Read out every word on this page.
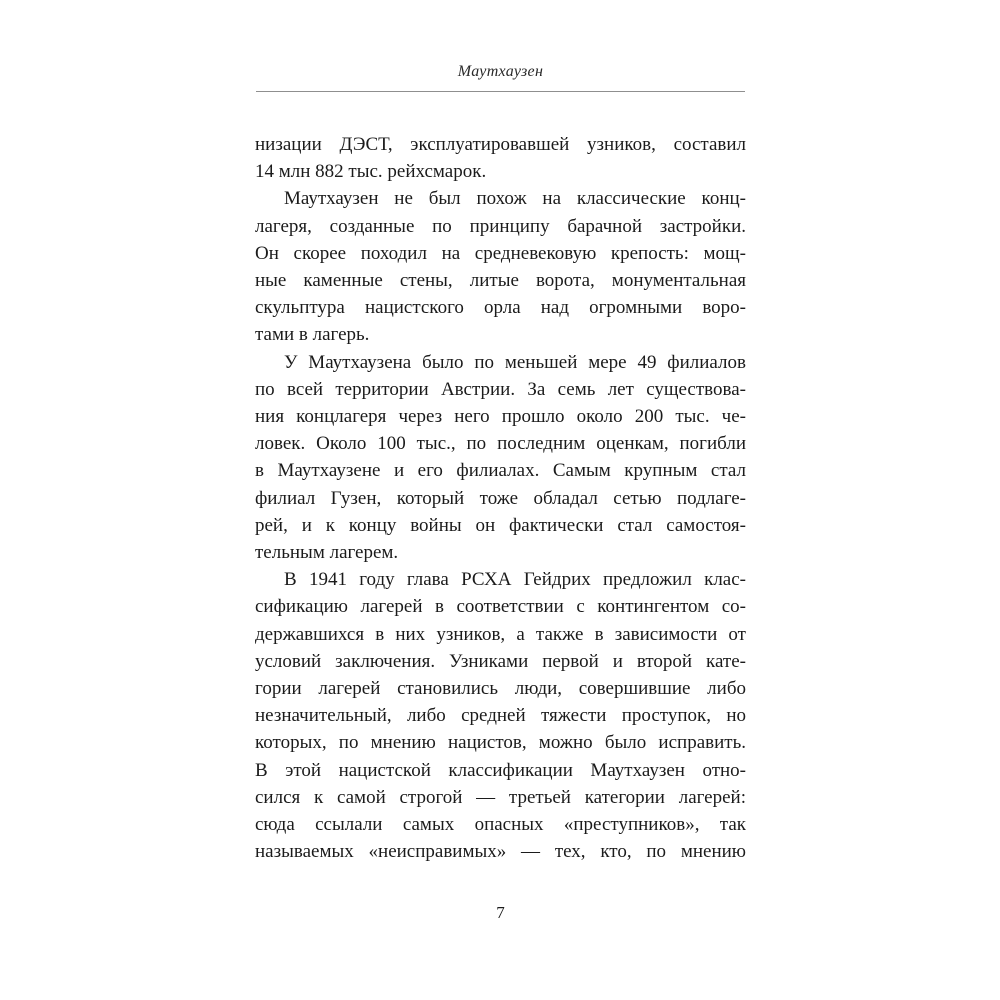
Маутхаузен
низации ДЭСТ, эксплуатировавшей узников, составил
14 млн 882 тыс. рейхсмарок.
Маутхаузен не был похож на классические конц-
лагеря, созданные по принципу барачной застройки.
Он скорее походил на средневековую крепость: мощ-
ные каменные стены, литые ворота, монументальная
скульптура нацистского орла над огромными воро-
тами в лагерь.
У Маутхаузена было по меньшей мере 49 филиалов
по всей территории Австрии. За семь лет существова-
ния концлагеря через него прошло около 200 тыс. че-
ловек. Около 100 тыс., по последним оценкам, погибли
в Маутхаузене и его филиалах. Самым крупным стал
филиал Гузен, который тоже обладал сетью подлаге-
рей, и к концу войны он фактически стал самостоя-
тельным лагерем.
В 1941 году глава РСХА Гейдрих предложил клас-
сификацию лагерей в соответствии с контингентом со-
державшихся в них узников, а также в зависимости от
условий заключения. Узниками первой и второй кате-
гории лагерей становились люди, совершившие либо
незначительный, либо средней тяжести проступок, но
которых, по мнению нацистов, можно было исправить.
В этой нацистской классификации Маутхаузен отно-
сился к самой строгой — третьей категории лагерей:
сюда ссылали самых опасных «преступников», так
называемых «неисправимых» — тех, кто, по мнению
7
